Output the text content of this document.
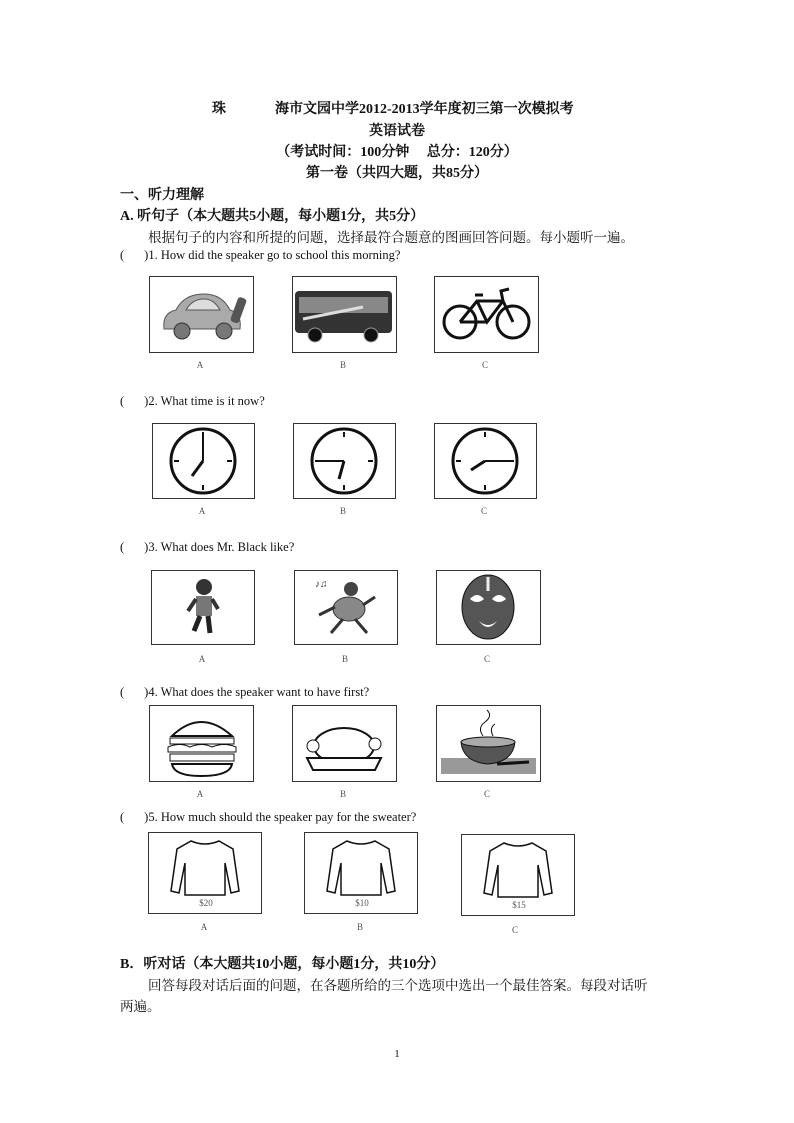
珠	海市文园中学2012-2013学年度初三第一次模拟考
英语试卷
（考试时间：100分钟　 总分：120分）
第一卷（共四大题，共85分）
一、听力理解
A. 听句子（本大题共5小题，每小题1分，共5分）
根据句子的内容和所提的问题，选择最符合题意的图画回答问题。每小题听一遍。
( )1. How did the speaker go to school this morning?
A	B	C
( )2. What time is it now?
A	B	C
( )3. What does Mr. Black like?
♪♫
A	B	C
( )4. What does the speaker want to have first?
A	B	C
( )5. How much should the speaker pay for the sweater?
$20	$10	$15
A	B	C
B．听对话（本大题共10小题，每小题1分，共10分）
回答每段对话后面的问题，在各题所给的三个选项中选出一个最佳答案。每段对话听
两遍。
1
